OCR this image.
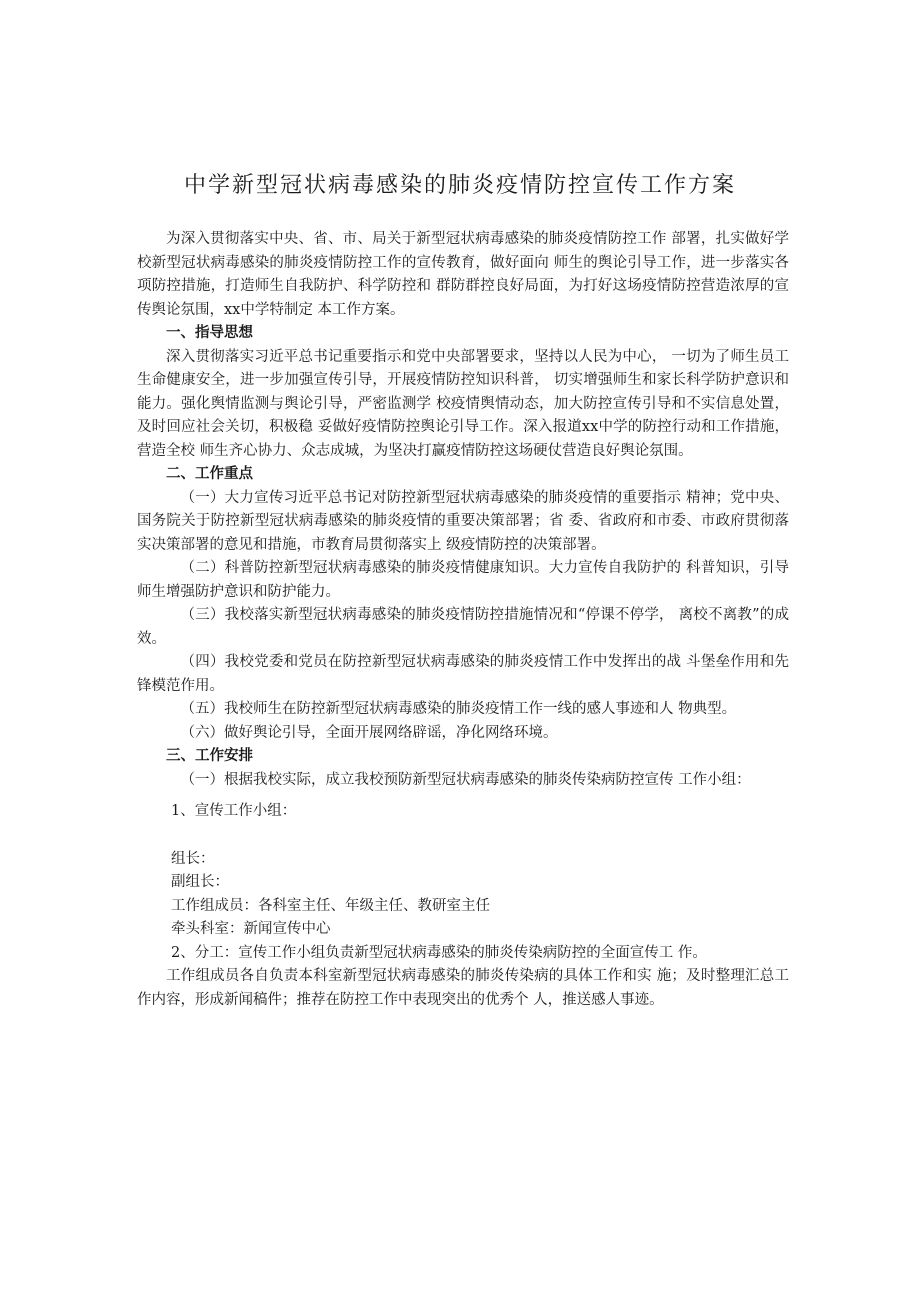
中学新型冠状病毒感染的肺炎疫情防控宣传工作方案

为深入贯彻落实中央、省、市、局关于新型冠状病毒感染的肺炎疫情防控工作 部署，扎实做好学校新型冠状病毒感染的肺炎疫情防控工作的宣传教育，做好面向 师生的舆论引导工作，进一步落实各项防控措施，打造师生自我防护、科学防控和 群防群控良好局面，为打好这场疫情防控营造浓厚的宣传舆论氛围，xx中学特制定 本工作方案。

一、指导思想

深入贯彻落实习近平总书记重要指示和党中央部署要求，坚持以人民为中心， 一切为了师生员工生命健康安全，进一步加强宣传引导，开展疫情防控知识科普， 切实增强师生和家长科学防护意识和能力。强化舆情监测与舆论引导，严密监测学 校疫情舆情动态，加大防控宣传引导和不实信息处置，及时回应社会关切，积极稳 妥做好疫情防控舆论引导工作。深入报道xx中学的防控行动和工作措施，营造全校 师生齐心协力、众志成城，为坚决打赢疫情防控这场硬仗营造良好舆论氛围。

二、工作重点

（一）大力宣传习近平总书记对防控新型冠状病毒感染的肺炎疫情的重要指示 精神；党中央、国务院关于防控新型冠状病毒感染的肺炎疫情的重要决策部署；省 委、省政府和市委、市政府贯彻落实决策部署的意见和措施，市教育局贯彻落实上 级疫情防控的决策部署。

（二）科普防控新型冠状病毒感染的肺炎疫情健康知识。大力宣传自我防护的 科普知识，引导师生增强防护意识和防护能力。

（三）我校落实新型冠状病毒感染的肺炎疫情防控措施情况和“停课不停学， 离校不离教”的成效。

（四）我校党委和党员在防控新型冠状病毒感染的肺炎疫情工作中发挥出的战 斗堡垒作用和先锋模范作用。

（五）我校师生在防控新型冠状病毒感染的肺炎疫情工作一线的感人事迹和人 物典型。

（六）做好舆论引导，全面开展网络辟谣，净化网络环境。

三、工作安排

（一）根据我校实际，成立我校预防新型冠状病毒感染的肺炎传染病防控宣传 工作小组：

1、宣传工作小组：

组长：

副组长：

工作组成员：各科室主任、年级主任、教研室主任

牵头科室：新闻宣传中心

2、分工：宣传工作小组负责新型冠状病毒感染的肺炎传染病防控的全面宣传工 作。

工作组成员各自负责本科室新型冠状病毒感染的肺炎传染病的具体工作和实 施；及时整理汇总工作内容，形成新闻稿件；推荐在防控工作中表现突出的优秀个 人，推送感人事迹。
